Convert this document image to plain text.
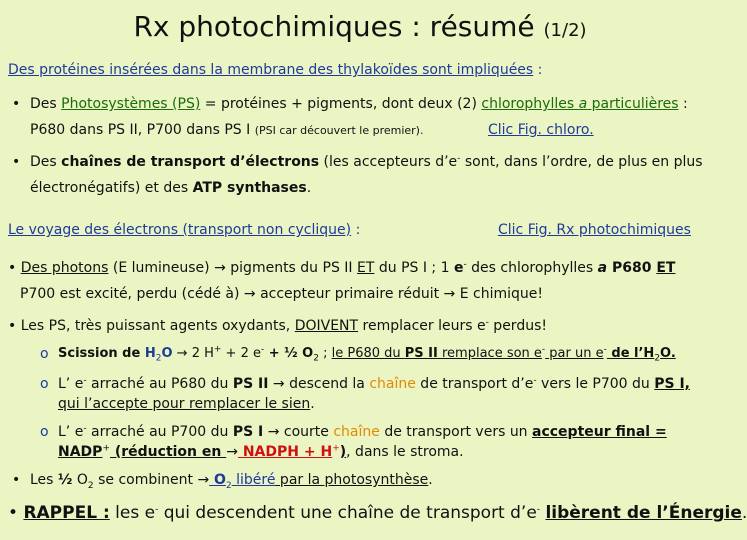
Rx photochimiques : résumé (1/2)
Des protéines insérées dans la membrane des thylakoïdes sont impliquées :
• Des Photosystèmes (PS) = protéines + pigments, dont deux (2) chlorophylles a particulières :
P680 dans PS II, P700 dans PS I (PSI car découvert le premier).	Clic Fig. chloro.
• Des chaînes de transport d’électrons (les accepteurs d’e- sont, dans l’ordre, de plus en plus
électronégatifs) et des ATP synthases.
Le voyage des électrons (transport non cyclique) :	Clic Fig. Rx photochimiques
• Des photons (E lumineuse) → pigments du PS II ET du PS I ; 1 e- des chlorophylles a P680 ET
P700 est excité, perdu (cédé à) → accepteur primaire réduit → E chimique!
• Les PS, très puissant agents oxydants, DOIVENT remplacer leurs e- perdus!
o Scission de $H_2O \to 2$ H+ + 2 e- + ½ $O_2$ ; le P680 du PS II remplace son e- par un e- de $l’H_2O$.
o L’ e- arraché au P680 du PS II → descend la chaîne de transport d’e- vers le P700 du PS I,
qui l’accepte pour remplacer le sien.
o L’ e- arraché au P700 du PS I → courte chaîne de transport vers un accepteur final =
NADP+ (réduction en → NADPH + H+), dans le stroma.
• Les ½ $O_2$ se combinent → $O_2$ libéré par la photosynthèse.
• RAPPEL : les e- qui descendent une chaîne de transport d’e- libèrent de l’Énergie.
